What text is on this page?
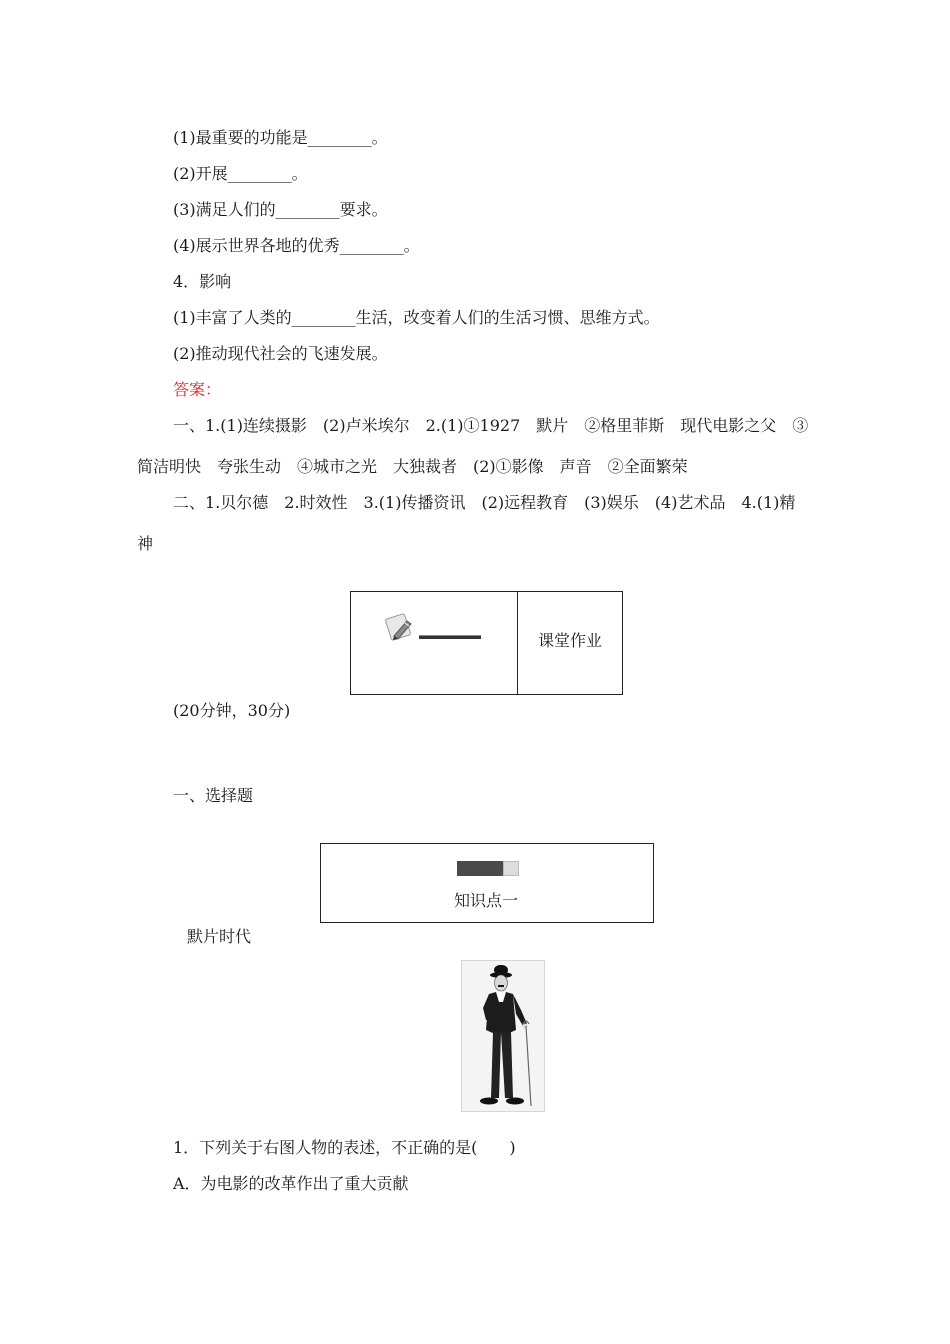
(1)最重要的功能是________。
(2)开展________。
(3)满足人们的________要求。
(4)展示世界各地的优秀________。
4．影响
(1)丰富了人类的________生活，改变着人们的生活习惯、思维方式。
(2)推动现代社会的飞速发展。
答案：
一、1.(1)连续摄影　(2)卢米埃尔　2.(1)①1927　默片　②格里菲斯　现代电影之父　③
简洁明快　夸张生动　④城市之光　大独裁者　(2)①影像　声音　②全面繁荣
二、1.贝尔德　2.时效性　3.(1)传播资讯　(2)远程教育　(3)娱乐　(4)艺术品　4.(1)精
神
课堂作业
(20分钟，30分)
一、选择题
知识点一
默片时代
1．下列关于右图人物的表述，不正确的是(　　)
A．为电影的改革作出了重大贡献
